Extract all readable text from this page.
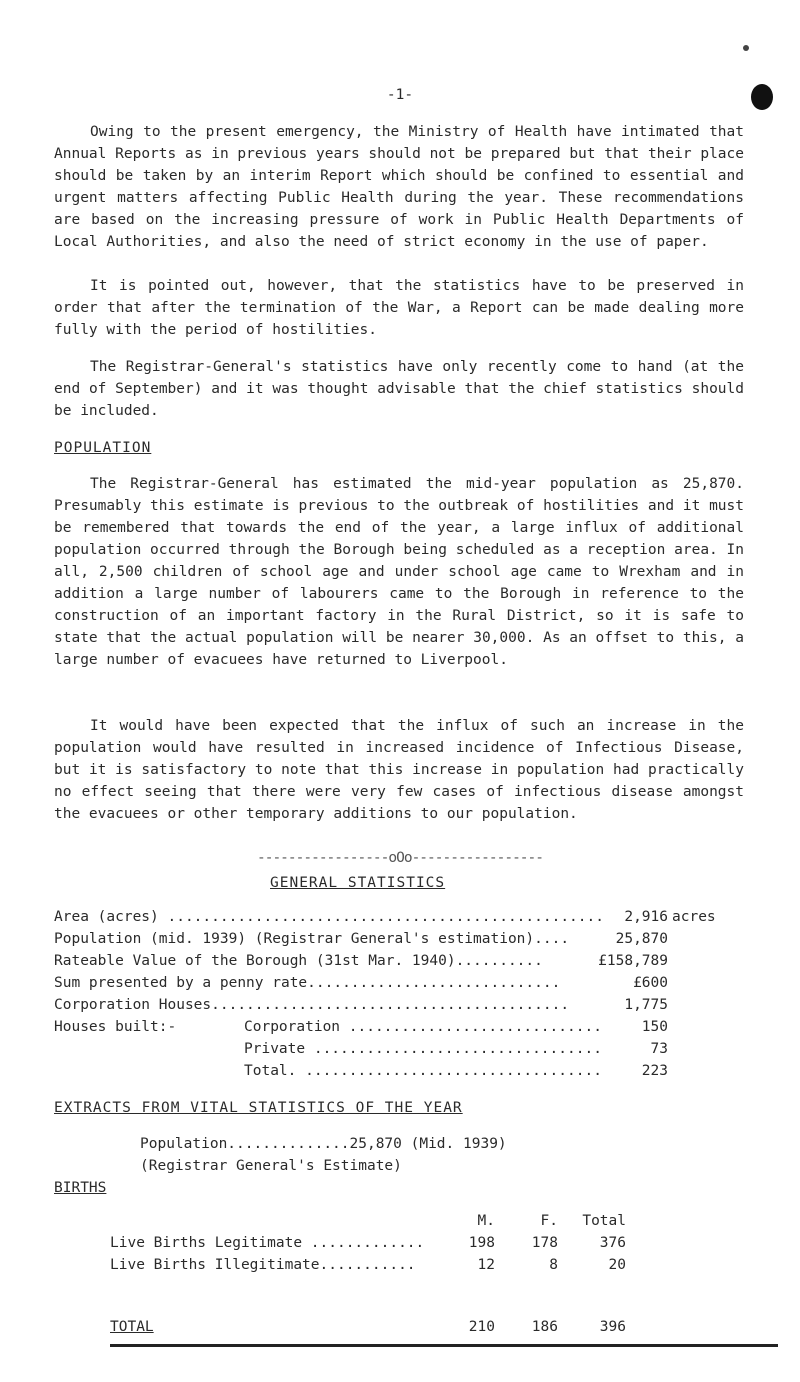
-1-

Owing to the present emergency, the Ministry of Health have intimated that Annual Reports as in previous years should not be prepared but that their place should be taken by an interim Report which should be confined to essential and urgent matters affecting Public Health during the year. These recommendations are based on the increasing pressure of work in Public Health Departments of Local Authorities, and also the need of strict economy in the use of paper.

It is pointed out, however, that the statistics have to be preserved in order that after the termination of the War, a Report can be made dealing more fully with the period of hostilities.

The Registrar-General's statistics have only recently come to hand (at the end of September) and it was thought advisable that the chief statistics should be included.

POPULATION

The Registrar-General has estimated the mid-year population as 25,870. Presumably this estimate is previous to the outbreak of hostilities and it must be remembered that towards the end of the year, a large influx of additional population occurred through the Borough being scheduled as a reception area. In all, 2,500 children of school age and under school age came to Wrexham and in addition a large number of labourers came to the Borough in reference to the construction of an important factory in the Rural District, so it is safe to state that the actual population will be nearer 30,000. As an offset to this, a large number of evacuees have returned to Liverpool.

It would have been expected that the influx of such an increase in the population would have resulted in increased incidence of Infectious Disease, but it is satisfactory to note that this increase in population had practically no effect seeing that there were very few cases of infectious disease amongst the evacuees or other temporary additions to our population.

-----------------oOo-----------------
GENERAL STATISTICS
Area (acres) .................................................. 2,916 acres
Population (mid. 1939) (Registrar General's estimation)....	25,870
Rateable Value of the Borough (31st Mar. 1940)..........	£158,789
Sum presented by a penny rate.............................	£600
Corporation Houses.........................................	1,775
Houses built:-	Corporation .............................	150
Private .................................	73
Total. ..................................	223
EXTRACTS FROM VITAL STATISTICS OF THE YEAR
Population..............25,870 (Mid. 1939)
(Registrar General's Estimate)
BIRTHS
M.	F.	Total
Live Births Legitimate .............	198	178	376
Live Births Illegitimate...........	12	8	20
TOTAL	210	186	396
